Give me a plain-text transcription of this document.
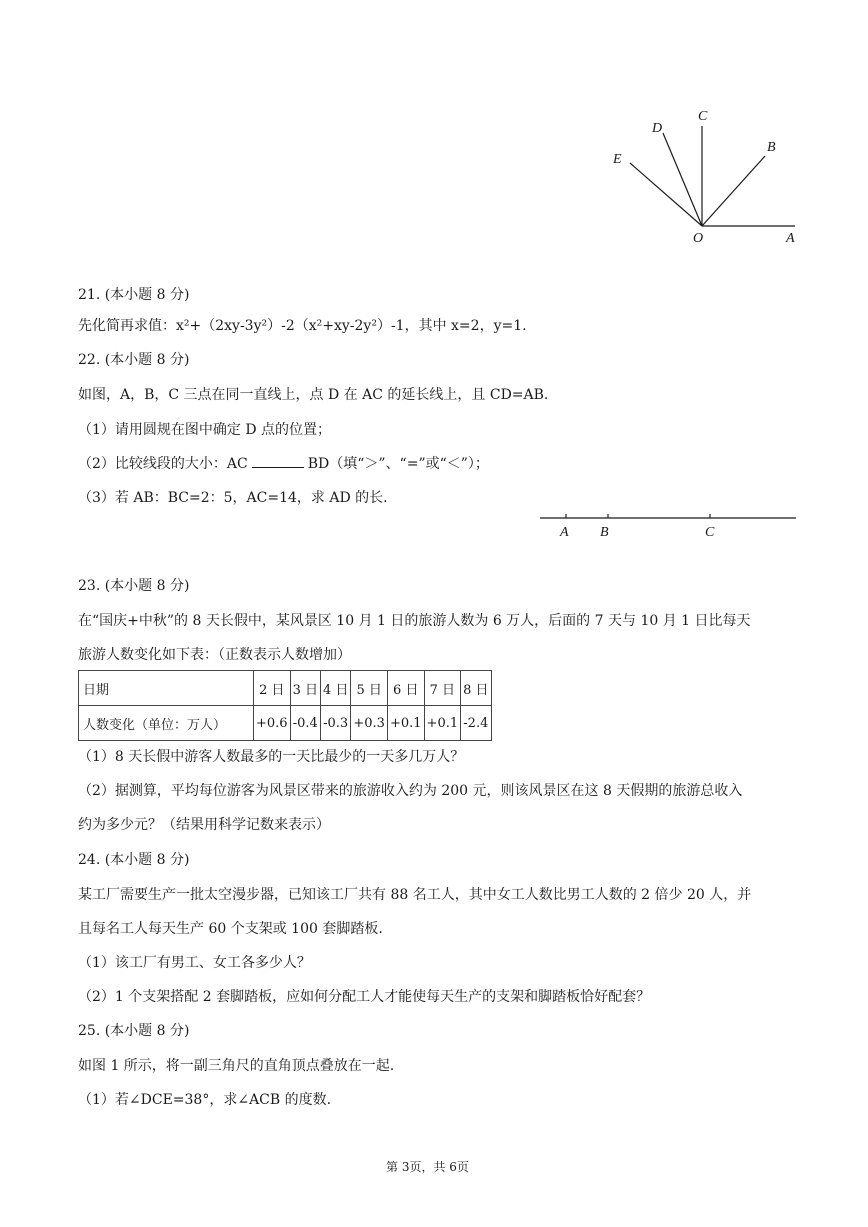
A
B
C
D
E
O
21. (本小题 8 分)
先化简再求值：x²+（2xy-3y²）-2（x²+xy-2y²）-1，其中 x=2，y=1.
22. (本小题 8 分)
如图，A，B，C 三点在同一直线上，点 D 在 AC 的延长线上，且 CD=AB.
（1）请用圆规在图中确定 D 点的位置；
（2）比较线段的大小：AC	BD（填“＞”、“=”或“＜”）；
（3）若 AB：BC=2：5，AC=14，求 AD 的长.
A B	C
23. (本小题 8 分)
在“国庆+中秋”的 8 天长假中，某风景区 10 月 1 日的旅游人数为 6 万人，后面的 7 天与 10 月 1 日比每天
旅游人数变化如下表：（正数表示人数增加）
日期	2 日	3 日	4 日	5 日	6 日	7 日	8 日
人数变化（单位：万人）	+0.6	-0.4	-0.3	+0.3	+0.1	+0.1	-2.4
（1）8 天长假中游客人数最多的一天比最少的一天多几万人？
（2）据测算，平均每位游客为风景区带来的旅游收入约为 200 元，则该风景区在这 8 天假期的旅游总收入
约为多少元？（结果用科学记数来表示）
24. (本小题 8 分)
某工厂需要生产一批太空漫步器，已知该工厂共有 88 名工人，其中女工人数比男工人数的 2 倍少 20 人，并
且每名工人每天生产 60 个支架或 100 套脚踏板.
（1）该工厂有男工、女工各多少人？
（2）1 个支架搭配 2 套脚踏板，应如何分配工人才能使每天生产的支架和脚踏板恰好配套？
25. (本小题 8 分)
如图 1 所示，将一副三角尺的直角顶点叠放在一起.
（1）若∠DCE=38°，求∠ACB 的度数.
第 3页，共 6页
